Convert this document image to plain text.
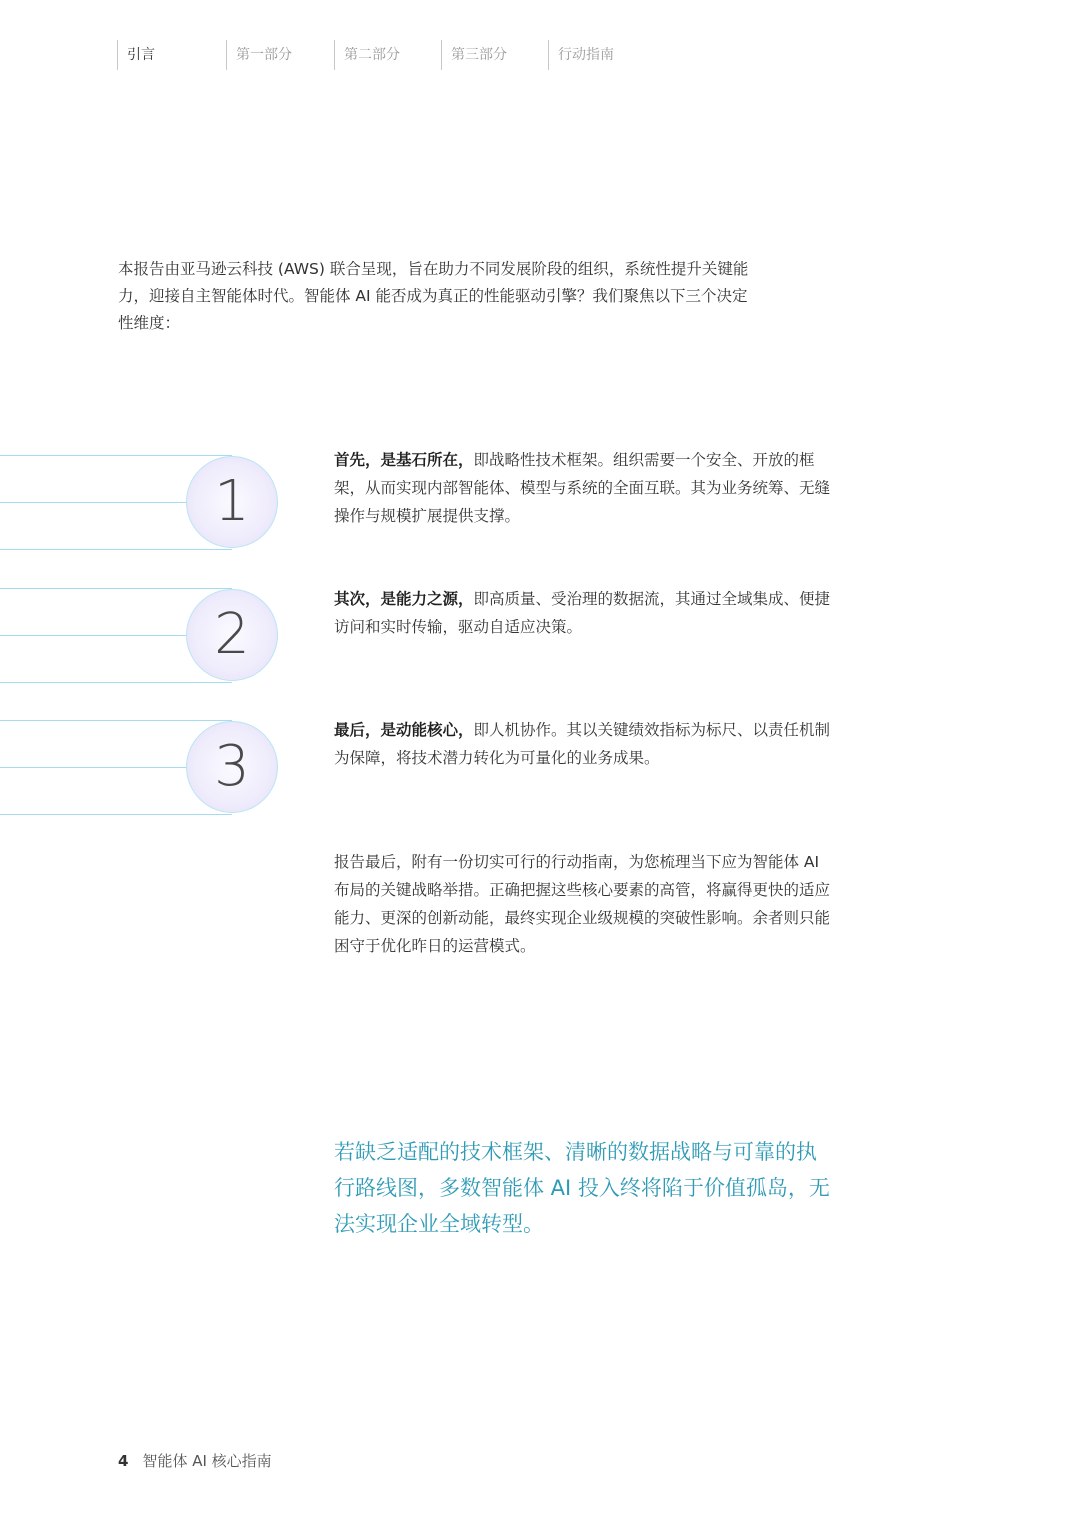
引言	第一部分	第二部分	第三部分	行动指南

本报告由亚马逊云科技 (AWS) 联合呈现，旨在助力不同发展阶段的组织，系统性提升关键能力，迎接自主智能体时代。智能体 AI 能否成为真正的性能驱动引擎？我们聚焦以下三个决定性维度：

1
2
3

首先，是基石所在，即战略性技术框架。组织需要一个安全、开放的框架，从而实现内部智能体、模型与系统的全面互联。其为业务统筹、无缝操作与规模扩展提供支撑。

其次，是能力之源，即高质量、受治理的数据流，其通过全域集成、便捷访问和实时传输，驱动自适应决策。

最后，是动能核心，即人机协作。其以关键绩效指标为标尺、以责任机制为保障，将技术潜力转化为可量化的业务成果。

报告最后，附有一份切实可行的行动指南，为您梳理当下应为智能体 AI 布局的关键战略举措。正确把握这些核心要素的高管，将赢得更快的适应能力、更深的创新动能，最终实现企业级规模的突破性影响。余者则只能困守于优化昨日的运营模式。

若缺乏适配的技术框架、清晰的数据战略与可靠的执行路线图，多数智能体 AI 投入终将陷于价值孤岛，无法实现企业全域转型。

4 智能体 AI 核心指南
